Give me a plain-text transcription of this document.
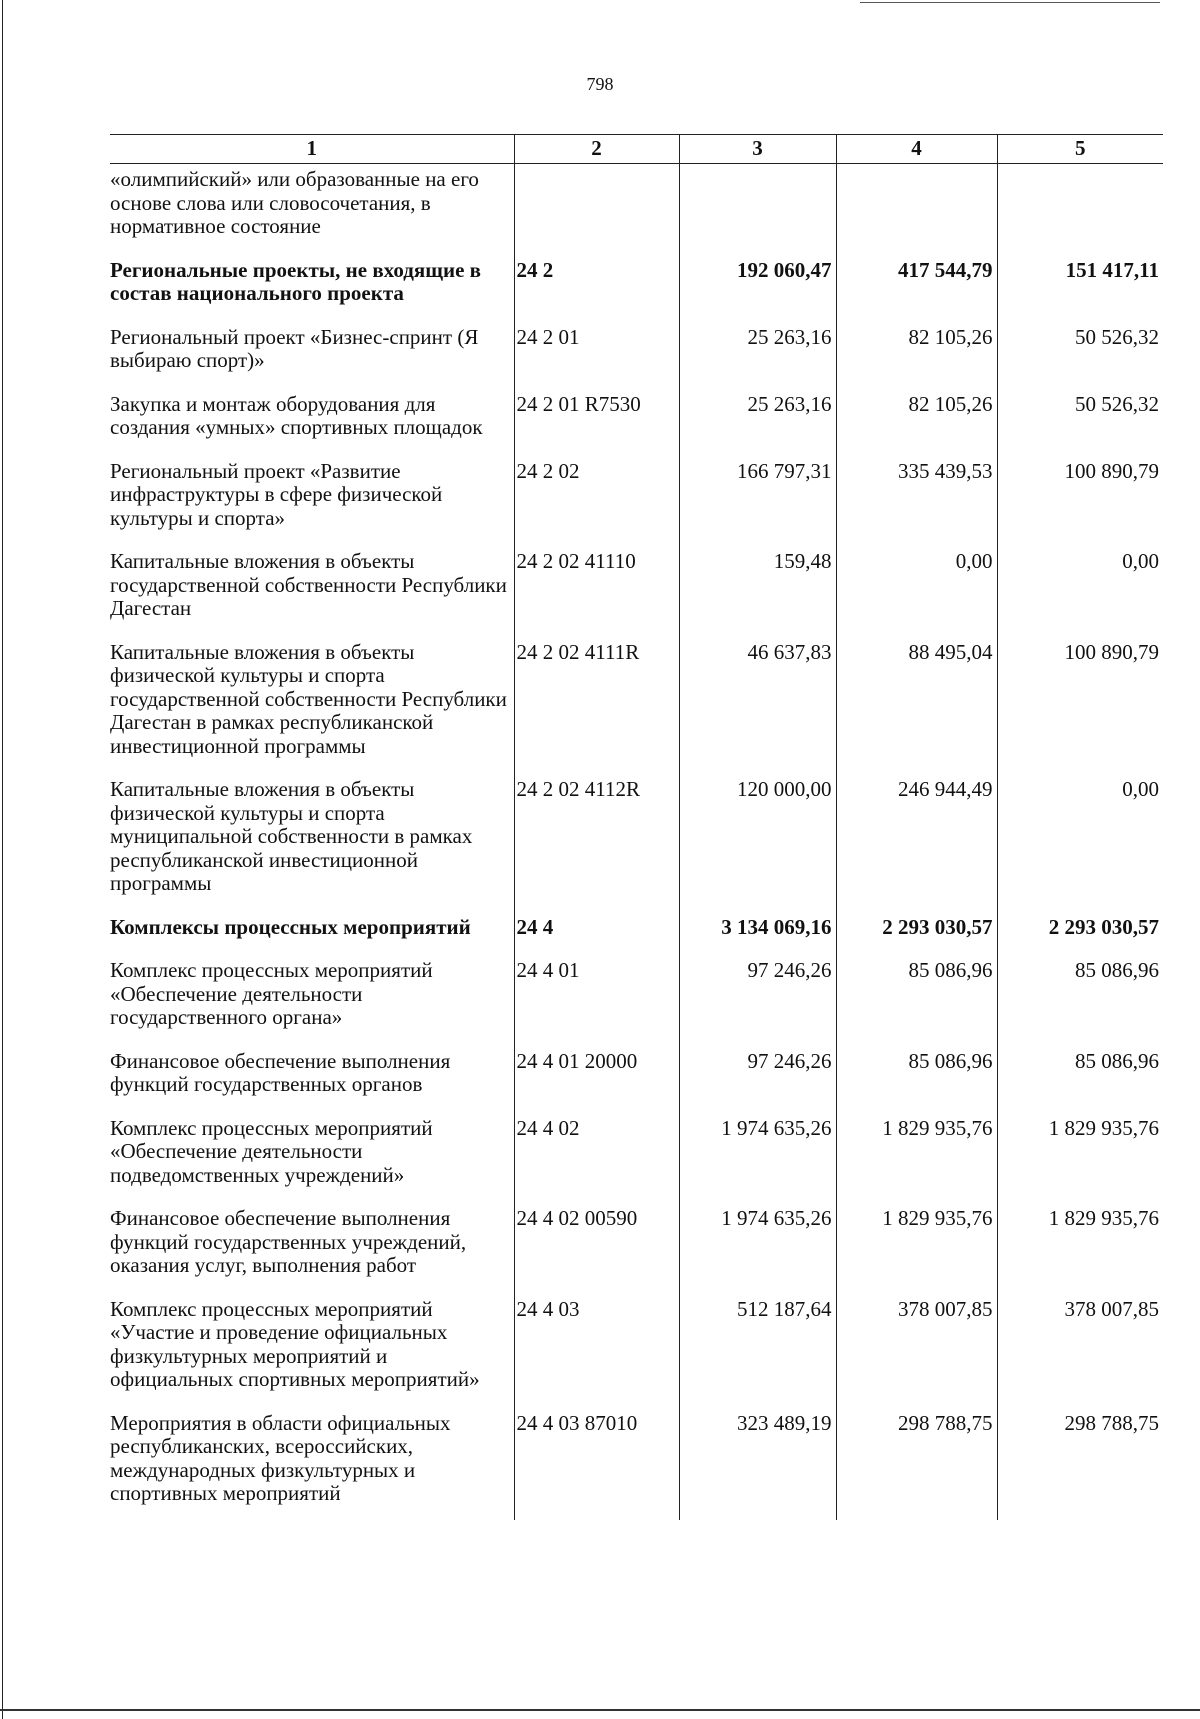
798
1	2	3	4	5
«олимпийский» или образованные на его основе слова или словосочетания, в нормативное состояние				
Региональные проекты, не входящие в состав национального проекта	24 2	192 060,47	417 544,79	151 417,11
Региональный проект «Бизнес-спринт (Я выбираю спорт)»	24 2 01	25 263,16	82 105,26	50 526,32
Закупка и монтаж оборудования для создания «умных» спортивных площадок	24 2 01 R7530	25 263,16	82 105,26	50 526,32
Региональный проект «Развитие инфраструктуры в сфере физической культуры и спорта»	24 2 02	166 797,31	335 439,53	100 890,79
Капитальные вложения в объекты государственной собственности Республики Дагестан	24 2 02 41110	159,48	0,00	0,00
Капитальные вложения в объекты физической культуры и спорта государственной собственности Республики Дагестан в рамках республиканской инвестиционной программы	24 2 02 4111R	46 637,83	88 495,04	100 890,79
Капитальные вложения в объекты физической культуры и спорта муниципальной собственности в рамках республиканской инвестиционной программы	24 2 02 4112R	120 000,00	246 944,49	0,00
Комплексы процессных мероприятий	24 4	3 134 069,16	2 293 030,57	2 293 030,57
Комплекс процессных мероприятий «Обеспечение деятельности государственного органа»	24 4 01	97 246,26	85 086,96	85 086,96
Финансовое обеспечение выполнения функций государственных органов	24 4 01 20000	97 246,26	85 086,96	85 086,96
Комплекс процессных мероприятий «Обеспечение деятельности подведомственных учреждений»	24 4 02	1 974 635,26	1 829 935,76	1 829 935,76
Финансовое обеспечение выполнения функций государственных учреждений, оказания услуг, выполнения работ	24 4 02 00590	1 974 635,26	1 829 935,76	1 829 935,76
Комплекс процессных мероприятий «Участие и проведение официальных физкультурных мероприятий и официальных спортивных мероприятий»	24 4 03	512 187,64	378 007,85	378 007,85
Мероприятия в области официальных республиканских, всероссийских, международных физкультурных и спортивных мероприятий	24 4 03 87010	323 489,19	298 788,75	298 788,75
